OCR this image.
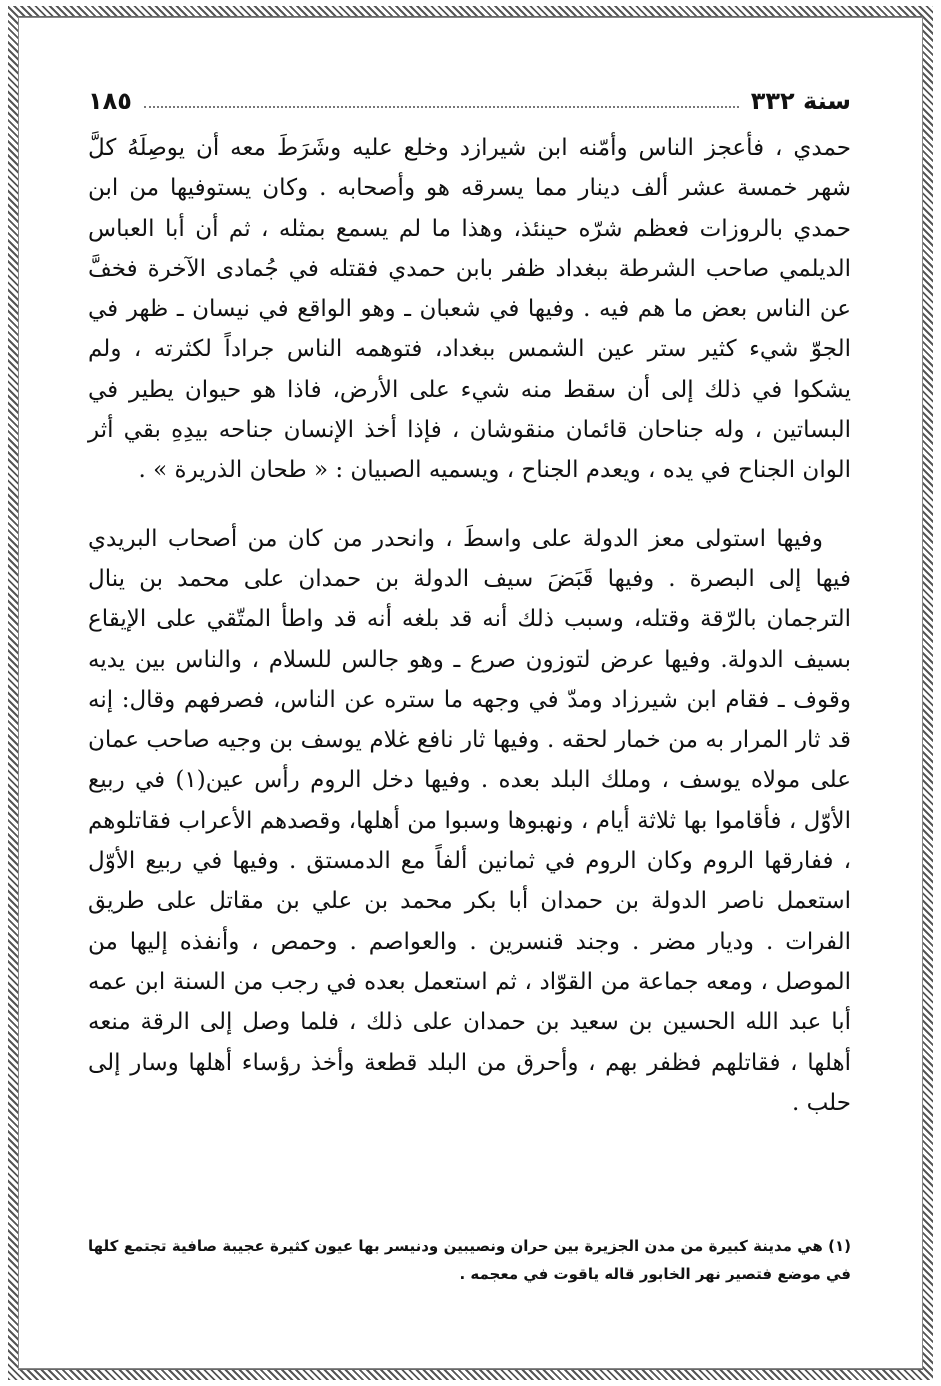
سنة ٣٣٢
١٨٥

حمدي ، فأعجز الناس وأمّنه ابن شيرازد وخلع عليه وشَرَطَ معه أن يوصِلَهُ كلَّ شهر خمسة عشر ألف دينار مما يسرقه هو وأصحابه . وكان يستوفيها من ابن حمدي بالروزات فعظم شرّه حينئذ، وهذا ما لم يسمع بمثله ، ثم أن أبا العباس الديلمي صاحب الشرطة ببغداد ظفر بابن حمدي فقتله في جُمادى الآخرة فخفَّ عن الناس بعض ما هم فيه . وفيها في شعبان ـ وهو الواقع في نيسان ـ ظهر في الجوّ شيء كثير ستر عين الشمس ببغداد، فتوهمه الناس جراداً لكثرته ، ولم يشكوا في ذلك إلى أن سقط منه شيء على الأرض، فاذا هو حيوان يطير في البساتين ، وله جناحان قائمان منقوشان ، فإذا أخذ الإنسان جناحه بيدِهِ بقي أثر الوان الجناح في يده ، ويعدم الجناح ، ويسميه الصبيان : « طحان الذريرة » .

وفيها استولى معز الدولة على واسطَ ، وانحدر من كان من أصحاب البريدي فيها إلى البصرة . وفيها قَبَضَ سيف الدولة بن حمدان على محمد بن ينال الترجمان بالرّقة وقتله، وسبب ذلك أنه قد بلغه أنه قد واطأ المتّقي على الإيقاع بسيف الدولة. وفيها عرض لتوزون صرع ـ وهو جالس للسلام ، والناس بين يديه وقوف ـ فقام ابن شيرزاد ومدّ في وجهه ما ستره عن الناس، فصرفهم وقال: إنه قد ثار المرار به من خمار لحقه . وفيها ثار نافع غلام يوسف بن وجيه صاحب عمان على مولاه يوسف ، وملك البلد بعده . وفيها دخل الروم رأس عين(١) في ربيع الأوّل ، فأقاموا بها ثلاثة أيام ، ونهبوها وسبوا من أهلها، وقصدهم الأعراب فقاتلوهم ، ففارقها الروم وكان الروم في ثمانين ألفاً مع الدمستق . وفيها في ربيع الأوّل استعمل ناصر الدولة بن حمدان أبا بكر محمد بن علي بن مقاتل على طريق الفرات . وديار مضر . وجند قنسرين . والعواصم . وحمص ، وأنفذه إليها من الموصل ، ومعه جماعة من القوّاد ، ثم استعمل بعده في رجب من السنة ابن عمه أبا عبد الله الحسين بن سعيد بن حمدان على ذلك ، فلما وصل إلى الرقة منعه أهلها ، فقاتلهم فظفر بهم ، وأحرق من البلد قطعة وأخذ رؤساء أهلها وسار إلى حلب .

(١) هي مدينة كبيرة من مدن الجزيرة بين حران ونصيبين ودنيسر بها عيون كثيرة عجيبة صافية تجتمع كلها في موضع فتصير نهر الخابور قاله ياقوت في معجمه .
